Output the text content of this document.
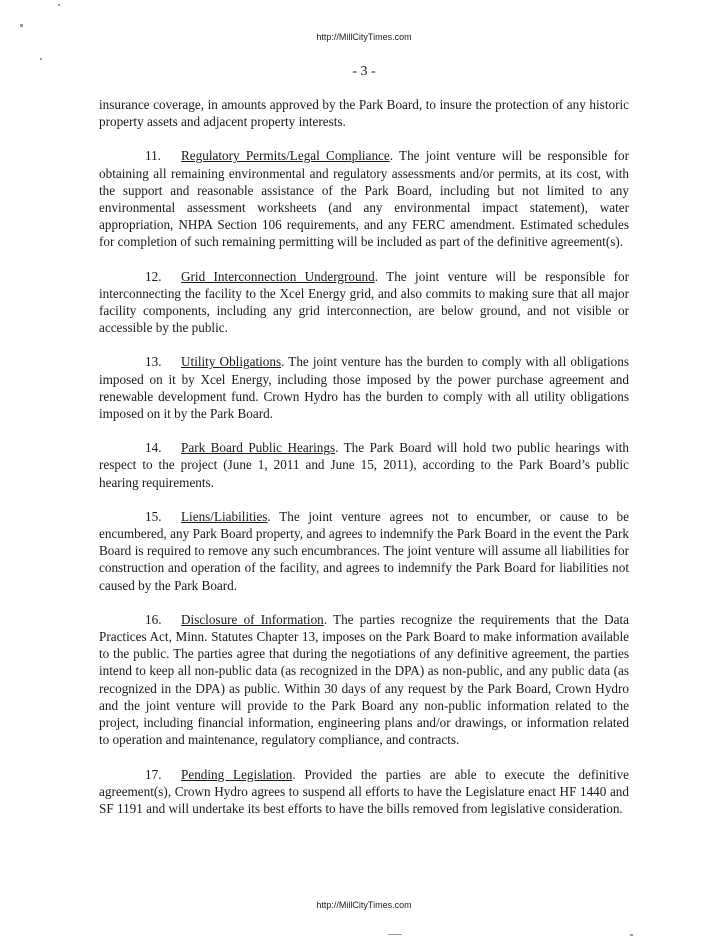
http://MillCityTimes.com
- 3 -

insurance coverage, in amounts approved by the Park Board, to insure the protection of any historic property assets and adjacent property interests.

11. Regulatory Permits/Legal Compliance. The joint venture will be responsible for obtaining all remaining environmental and regulatory assessments and/or permits, at its cost, with the support and reasonable assistance of the Park Board, including but not limited to any environmental assessment worksheets (and any environmental impact statement), water appropriation, NHPA Section 106 requirements, and any FERC amendment. Estimated schedules for completion of such remaining permitting will be included as part of the definitive agreement(s).

12. Grid Interconnection Underground. The joint venture will be responsible for interconnecting the facility to the Xcel Energy grid, and also commits to making sure that all major facility components, including any grid interconnection, are below ground, and not visible or accessible by the public.

13. Utility Obligations. The joint venture has the burden to comply with all obligations imposed on it by Xcel Energy, including those imposed by the power purchase agreement and renewable development fund. Crown Hydro has the burden to comply with all utility obligations imposed on it by the Park Board.

14. Park Board Public Hearings. The Park Board will hold two public hearings with respect to the project (June 1, 2011 and June 15, 2011), according to the Park Board’s public hearing requirements.

15. Liens/Liabilities. The joint venture agrees not to encumber, or cause to be encumbered, any Park Board property, and agrees to indemnify the Park Board in the event the Park Board is required to remove any such encumbrances. The joint venture will assume all liabilities for construction and operation of the facility, and agrees to indemnify the Park Board for liabilities not caused by the Park Board.

16. Disclosure of Information. The parties recognize the requirements that the Data Practices Act, Minn. Statutes Chapter 13, imposes on the Park Board to make information available to the public. The parties agree that during the negotiations of any definitive agreement, the parties intend to keep all non-public data (as recognized in the DPA) as non-public, and any public data (as recognized in the DPA) as public. Within 30 days of any request by the Park Board, Crown Hydro and the joint venture will provide to the Park Board any non-public information related to the project, including financial information, engineering plans and/or drawings, or information related to operation and maintenance, regulatory compliance, and contracts.

17. Pending Legislation. Provided the parties are able to execute the definitive agreement(s), Crown Hydro agrees to suspend all efforts to have the Legislature enact HF 1440 and SF 1191 and will undertake its best efforts to have the bills removed from legislative consideration.

http://MillCityTimes.com
